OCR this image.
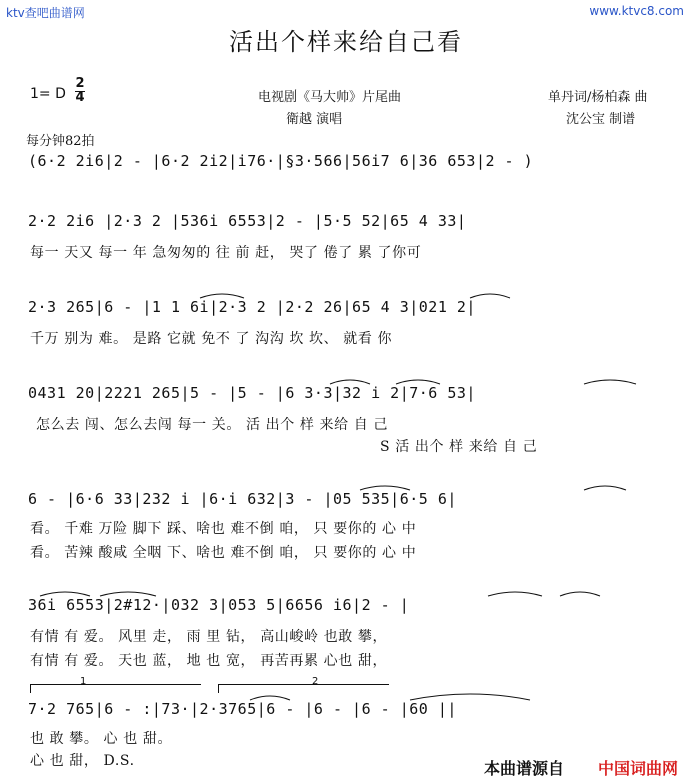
ktv查吧曲谱网	www.ktvc8.com
活出个样来给自己看
1= D
2
4	电视剧《马大帅》片尾曲	单丹词/杨柏森 曲
衛越 演唱	沈公宝 制谱
每分钟82拍
(6·2 2i6|2 - |6·2 2i2|i76·|§3·566|56i7 6|36 653|2 - )
2·2 2i6 |2·3 2 |536i 6553|2 - |5·5 52|65 4 33|
每一 天又 每一 年 急匆匆的 往 前 赶， 哭了 倦了 累 了你可
2·3 265|6 - |1 1 6i|2·3 2 |2·2 26|65 4 3|021 2|
千万 别为 难。 是路 它就 免不 了 沟沟 坎 坎、 就看 你
0431 20|2221 265|5 - |5 - |6 3·3|32 i 2|7·6 53|
怎么去 闯、怎么去闯 每一 关。 活 出个 样 来给 自 己
S 活 出个 样 来给 自 己
6 - |6·6 33|232 i |6·i 632|3 - |05 535|6·5 6|
看。 千难 万险 脚下 踩、啥也 难不倒 咱， 只 要你的 心 中
看。 苦辣 酸咸 全咽 下、啥也 难不倒 咱， 只 要你的 心 中
36i 6553|2#12·|032 3|053 5|6656 i6|2 - |
有情 有 爱。 风里 走， 雨 里 钻， 高山峻岭 也敢 攀，
有情 有 爱。 天也 蓝， 地 也 宽， 再苦再累 心也 甜，
1	2
7·2 765|6 - :|73·|2·3765|6 - |6 - |6 - |60 ||
也 敢 攀。 心 也 甜。
心 也 甜， D.S.	本曲谱源自 中国词曲网
